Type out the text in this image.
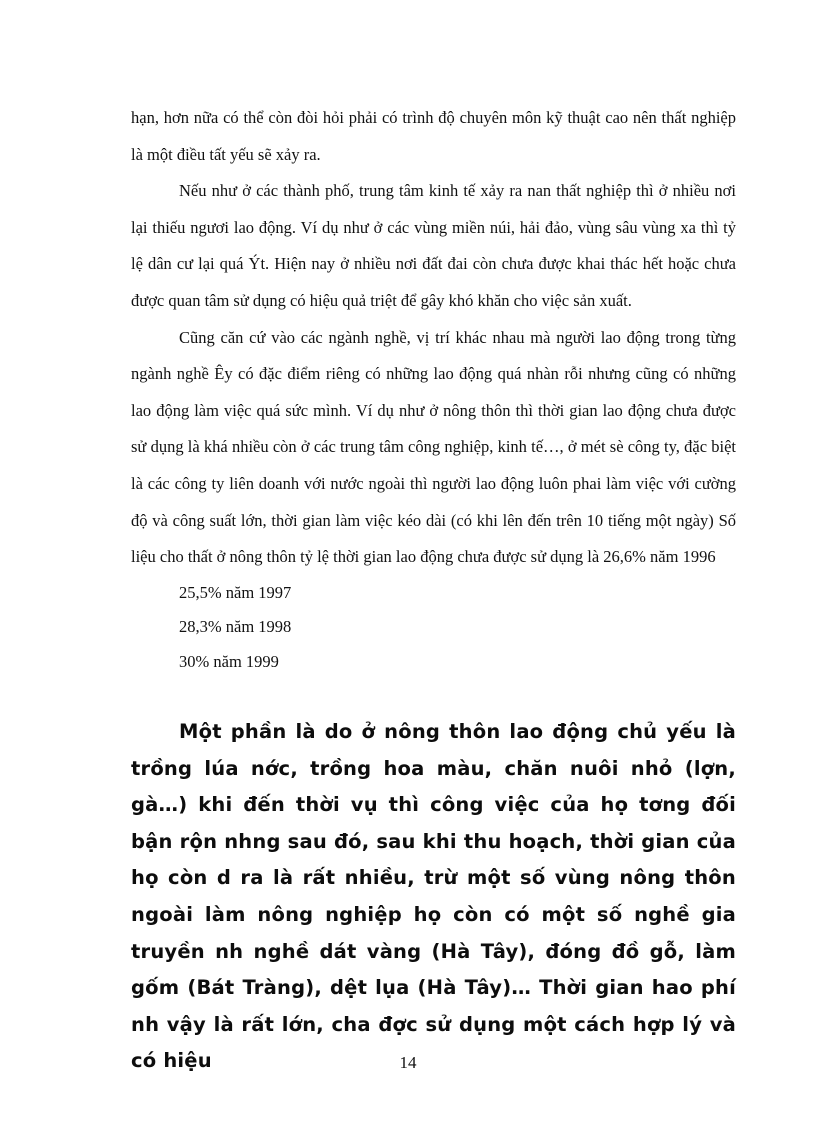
hạn, hơn nữa có thể còn đòi hỏi phải có trình độ chuyên môn kỹ thuật cao nên thất nghiệp là một điều tất yếu sẽ xảy ra.

Nếu như ở các thành phố, trung tâm kinh tế xảy ra nan thất nghiệp thì ở nhiều nơi lại thiếu ngươi lao động. Ví dụ như ở các vùng miền núi, hải đảo, vùng sâu vùng xa thì tỷ lệ dân cư lại quá Ýt. Hiện nay ở nhiều nơi đất đai còn chưa được khai thác hết hoặc chưa được quan tâm sử dụng có hiệu quả triệt để gây khó khăn cho việc sản xuất.

Cũng căn cứ vào các ngành nghề, vị trí khác nhau mà người lao động trong từng ngành nghề Êy có đặc điểm riêng có những lao động quá nhàn rỗi nhưng cũng có những lao động làm việc quá sức mình. Ví dụ như ở nông thôn thì thời gian lao động chưa được sử dụng là khá nhiều còn ở các trung tâm công nghiệp, kinh tế…, ở mét sè công ty, đặc biệt là các công ty liên doanh với nước ngoài thì người lao động luôn phai làm việc với cường độ và công suất lớn, thời gian làm việc kéo dài (có khi lên đến trên 10 tiếng một ngày) Số liệu cho thất ở nông thôn tỷ lệ thời gian lao động chưa được sử dụng là 26,6% năm 1996

25,5% năm 1997

28,3% năm 1998

30% năm 1999

Một phần là do ở nông thôn lao động chủ yếu là trồng lúa nớc, trồng hoa màu, chăn nuôi nhỏ (lợn, gà…) khi đến thời vụ thì công việc của họ tơng đối bận rộn nhng sau đó, sau khi thu hoạch, thời gian của họ còn d ra là rất nhiều, trừ một số vùng nông thôn ngoài làm nông nghiệp họ còn có một số nghề gia truyền nh nghề dát vàng (Hà Tây), đóng đồ gỗ, làm gốm (Bát Tràng), dệt lụa (Hà Tây)… Thời gian hao phí nh vậy là rất lớn, cha đợc sử dụng một cách hợp lý và có hiệu	14
